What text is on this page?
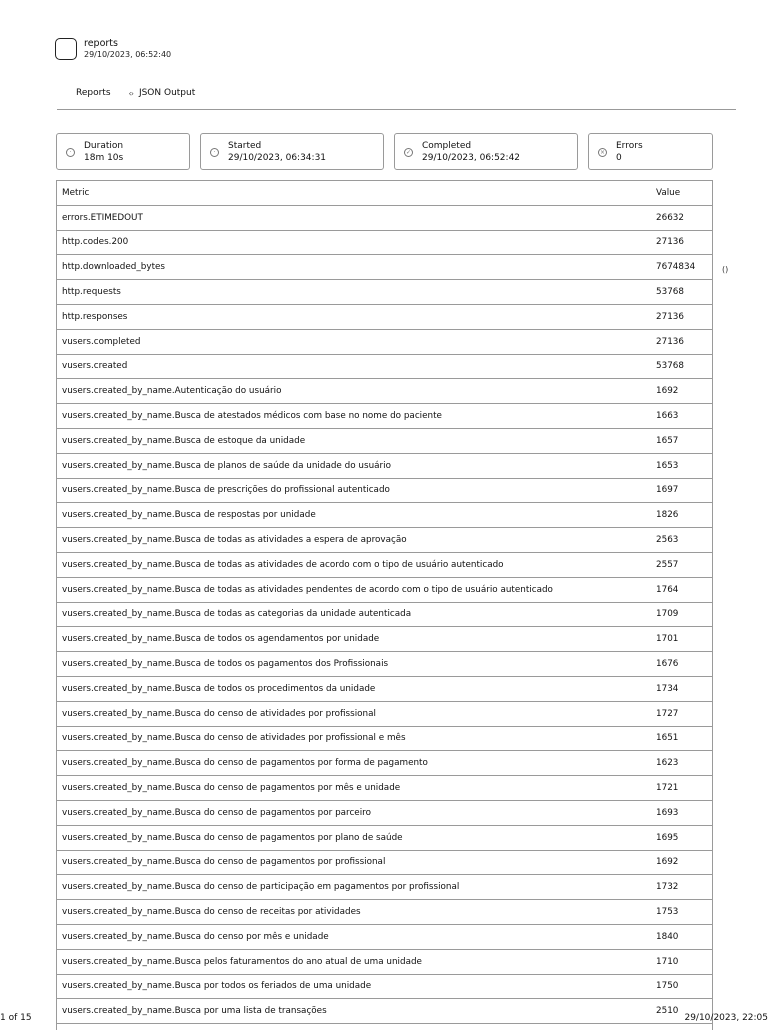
reports
29/10/2023, 06:52:40
Reports ‹› JSON Output
·
Duration
18m 10s
·
Started
29/10/2023, 06:34:31
✓
Completed
29/10/2023, 06:52:42
×
Errors
0
Metric	Value
errors.ETIMEDOUT	26632
http.codes.200	27136
http.downloaded_bytes	7674834
http.requests	53768
http.responses	27136
vusers.completed	27136
vusers.created	53768
vusers.created_by_name.Autenticação do usuário	1692
vusers.created_by_name.Busca de atestados médicos com base no nome do paciente	1663
vusers.created_by_name.Busca de estoque da unidade	1657
vusers.created_by_name.Busca de planos de saúde da unidade do usuário	1653
vusers.created_by_name.Busca de prescrições do profissional autenticado	1697
vusers.created_by_name.Busca de respostas por unidade	1826
vusers.created_by_name.Busca de todas as atividades a espera de aprovação	2563
vusers.created_by_name.Busca de todas as atividades de acordo com o tipo de usuário autenticado	2557
vusers.created_by_name.Busca de todas as atividades pendentes de acordo com o tipo de usuário autenticado	1764
vusers.created_by_name.Busca de todas as categorias da unidade autenticada	1709
vusers.created_by_name.Busca de todos os agendamentos por unidade	1701
vusers.created_by_name.Busca de todos os pagamentos dos Profissionais	1676
vusers.created_by_name.Busca de todos os procedimentos da unidade	1734
vusers.created_by_name.Busca do censo de atividades por profissional	1727
vusers.created_by_name.Busca do censo de atividades por profissional e mês	1651
vusers.created_by_name.Busca do censo de pagamentos por forma de pagamento	1623
vusers.created_by_name.Busca do censo de pagamentos por mês e unidade	1721
vusers.created_by_name.Busca do censo de pagamentos por parceiro	1693
vusers.created_by_name.Busca do censo de pagamentos por plano de saúde	1695
vusers.created_by_name.Busca do censo de pagamentos por profissional	1692
vusers.created_by_name.Busca do censo de participação em pagamentos por profissional	1732
vusers.created_by_name.Busca do censo de receitas por atividades	1753
vusers.created_by_name.Busca do censo por mês e unidade	1840
vusers.created_by_name.Busca pelos faturamentos do ano atual de uma unidade	1710
vusers.created_by_name.Busca por todos os feriados de uma unidade	1750
vusers.created_by_name.Busca por uma lista de transações	2510
()
1 of 15	29/10/2023, 22:05
